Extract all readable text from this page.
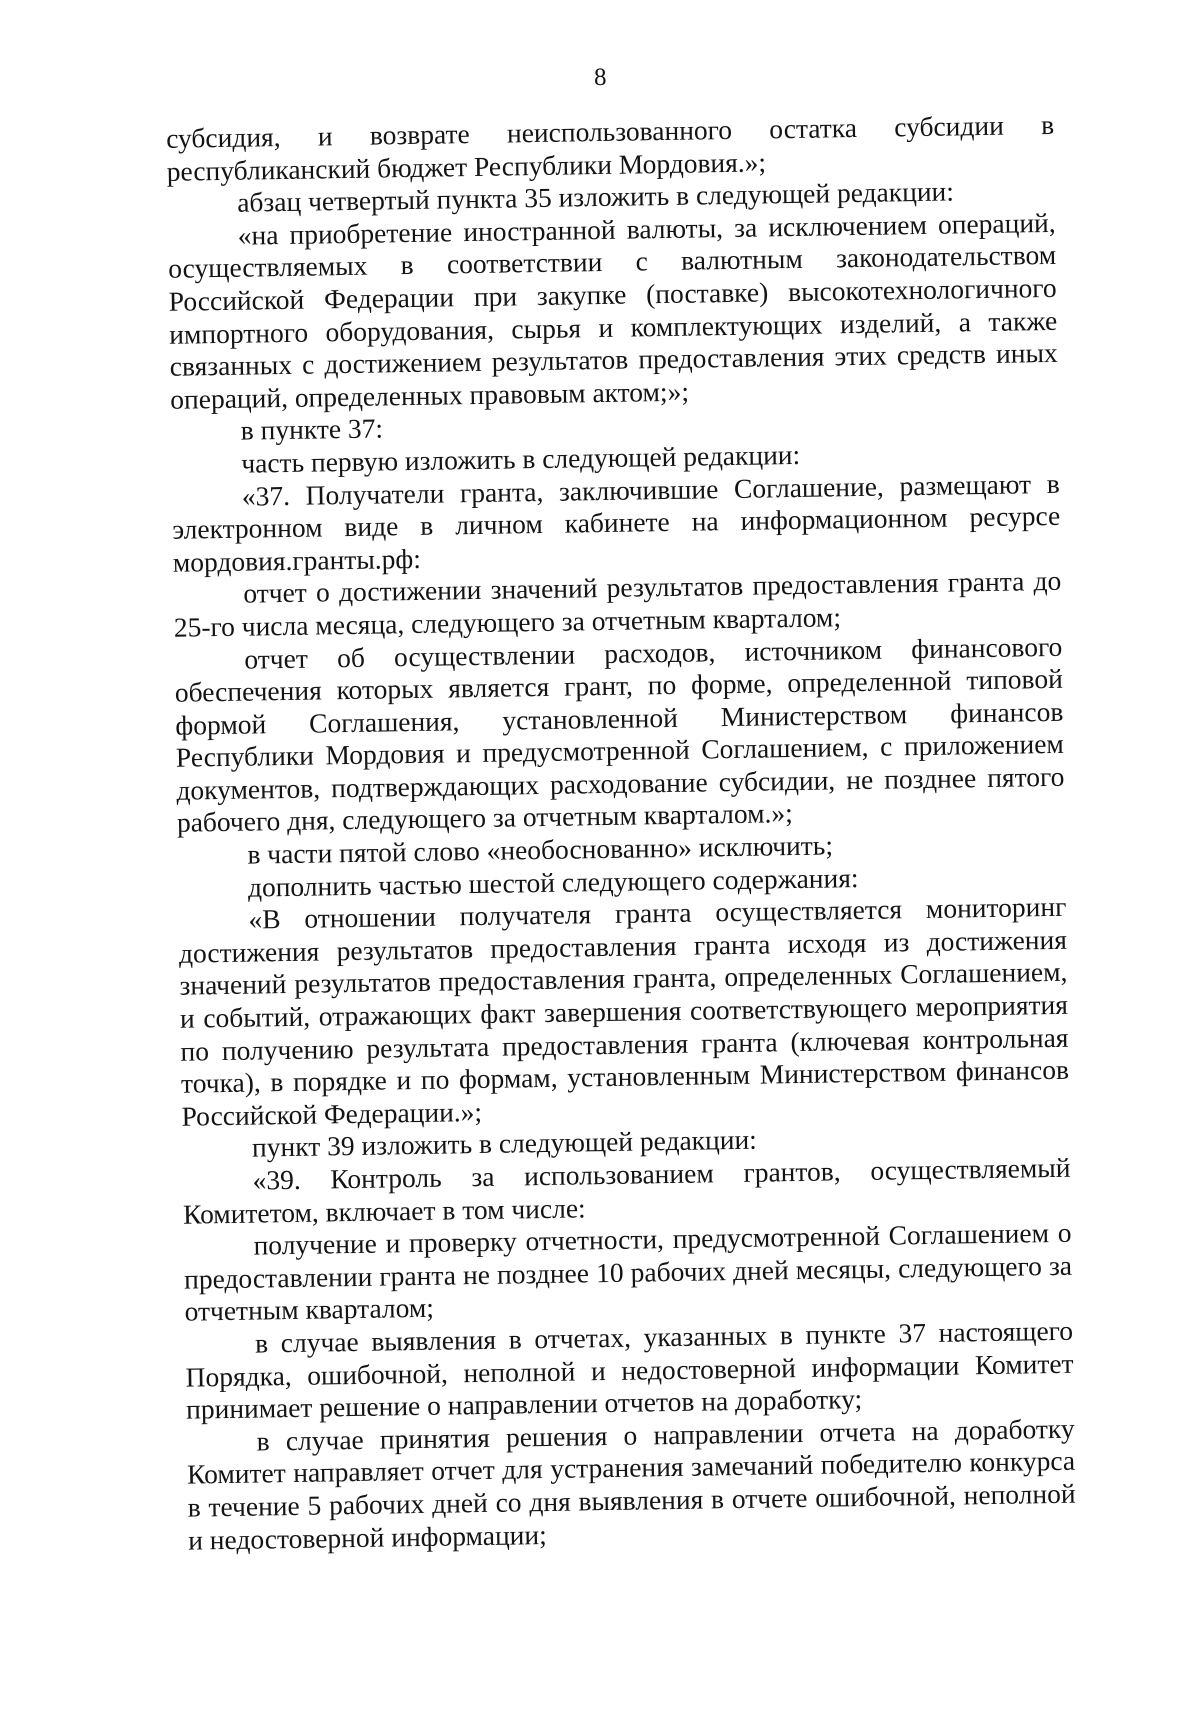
8

субсидия, и возврате неиспользованного остатка субсидии в республиканский бюджет Республики Мордовия.»;

абзац четвертый пункта 35 изложить в следующей редакции:

«на приобретение иностранной валюты, за исключением операций, осуществляемых в соответствии с валютным законодательством Российской Федерации при закупке (поставке) высокотехнологичного импортного оборудования, сырья и комплектующих изделий, а также связанных с достижением результатов предоставления этих средств иных операций, определенных правовым актом;»;

в пункте 37:

часть первую изложить в следующей редакции:

«37. Получатели гранта, заключившие Соглашение, размещают в электронном виде в личном кабинете на информационном ресурсе мордовия.гранты.рф:

отчет о достижении значений результатов предоставления гранта до 25-го числа месяца, следующего за отчетным кварталом;

отчет об осуществлении расходов, источником финансового обеспечения которых является грант, по форме, определенной типовой формой Соглашения, установленной Министерством финансов Республики Мордовия и предусмотренной Соглашением, с приложением документов, подтверждающих расходование субсидии, не позднее пятого рабочего дня, следующего за отчетным кварталом.»;

в части пятой слово «необоснованно» исключить;

дополнить частью шестой следующего содержания:

«В отношении получателя гранта осуществляется мониторинг достижения результатов предоставления гранта исходя из достижения значений результатов предоставления гранта, определенных Соглашением, и событий, отражающих факт завершения соответствующего мероприятия по получению результата предоставления гранта (ключевая контрольная точка), в порядке и по формам, установленным Министерством финансов Российской Федерации.»;

пункт 39 изложить в следующей редакции:

«39. Контроль за использованием грантов, осуществляемый Комитетом, включает в том числе:

получение и проверку отчетности, предусмотренной Соглашением о предоставлении гранта не позднее 10 рабочих дней месяцы, следующего за отчетным кварталом;

в случае выявления в отчетах, указанных в пункте 37 настоящего Порядка, ошибочной, неполной и недостоверной информации Комитет принимает решение о направлении отчетов на доработку;

в случае принятия решения о направлении отчета на доработку Комитет направляет отчет для устранения замечаний победителю конкурса в течение 5 рабочих дней со дня выявления в отчете ошибочной, неполной и недостоверной информации;
